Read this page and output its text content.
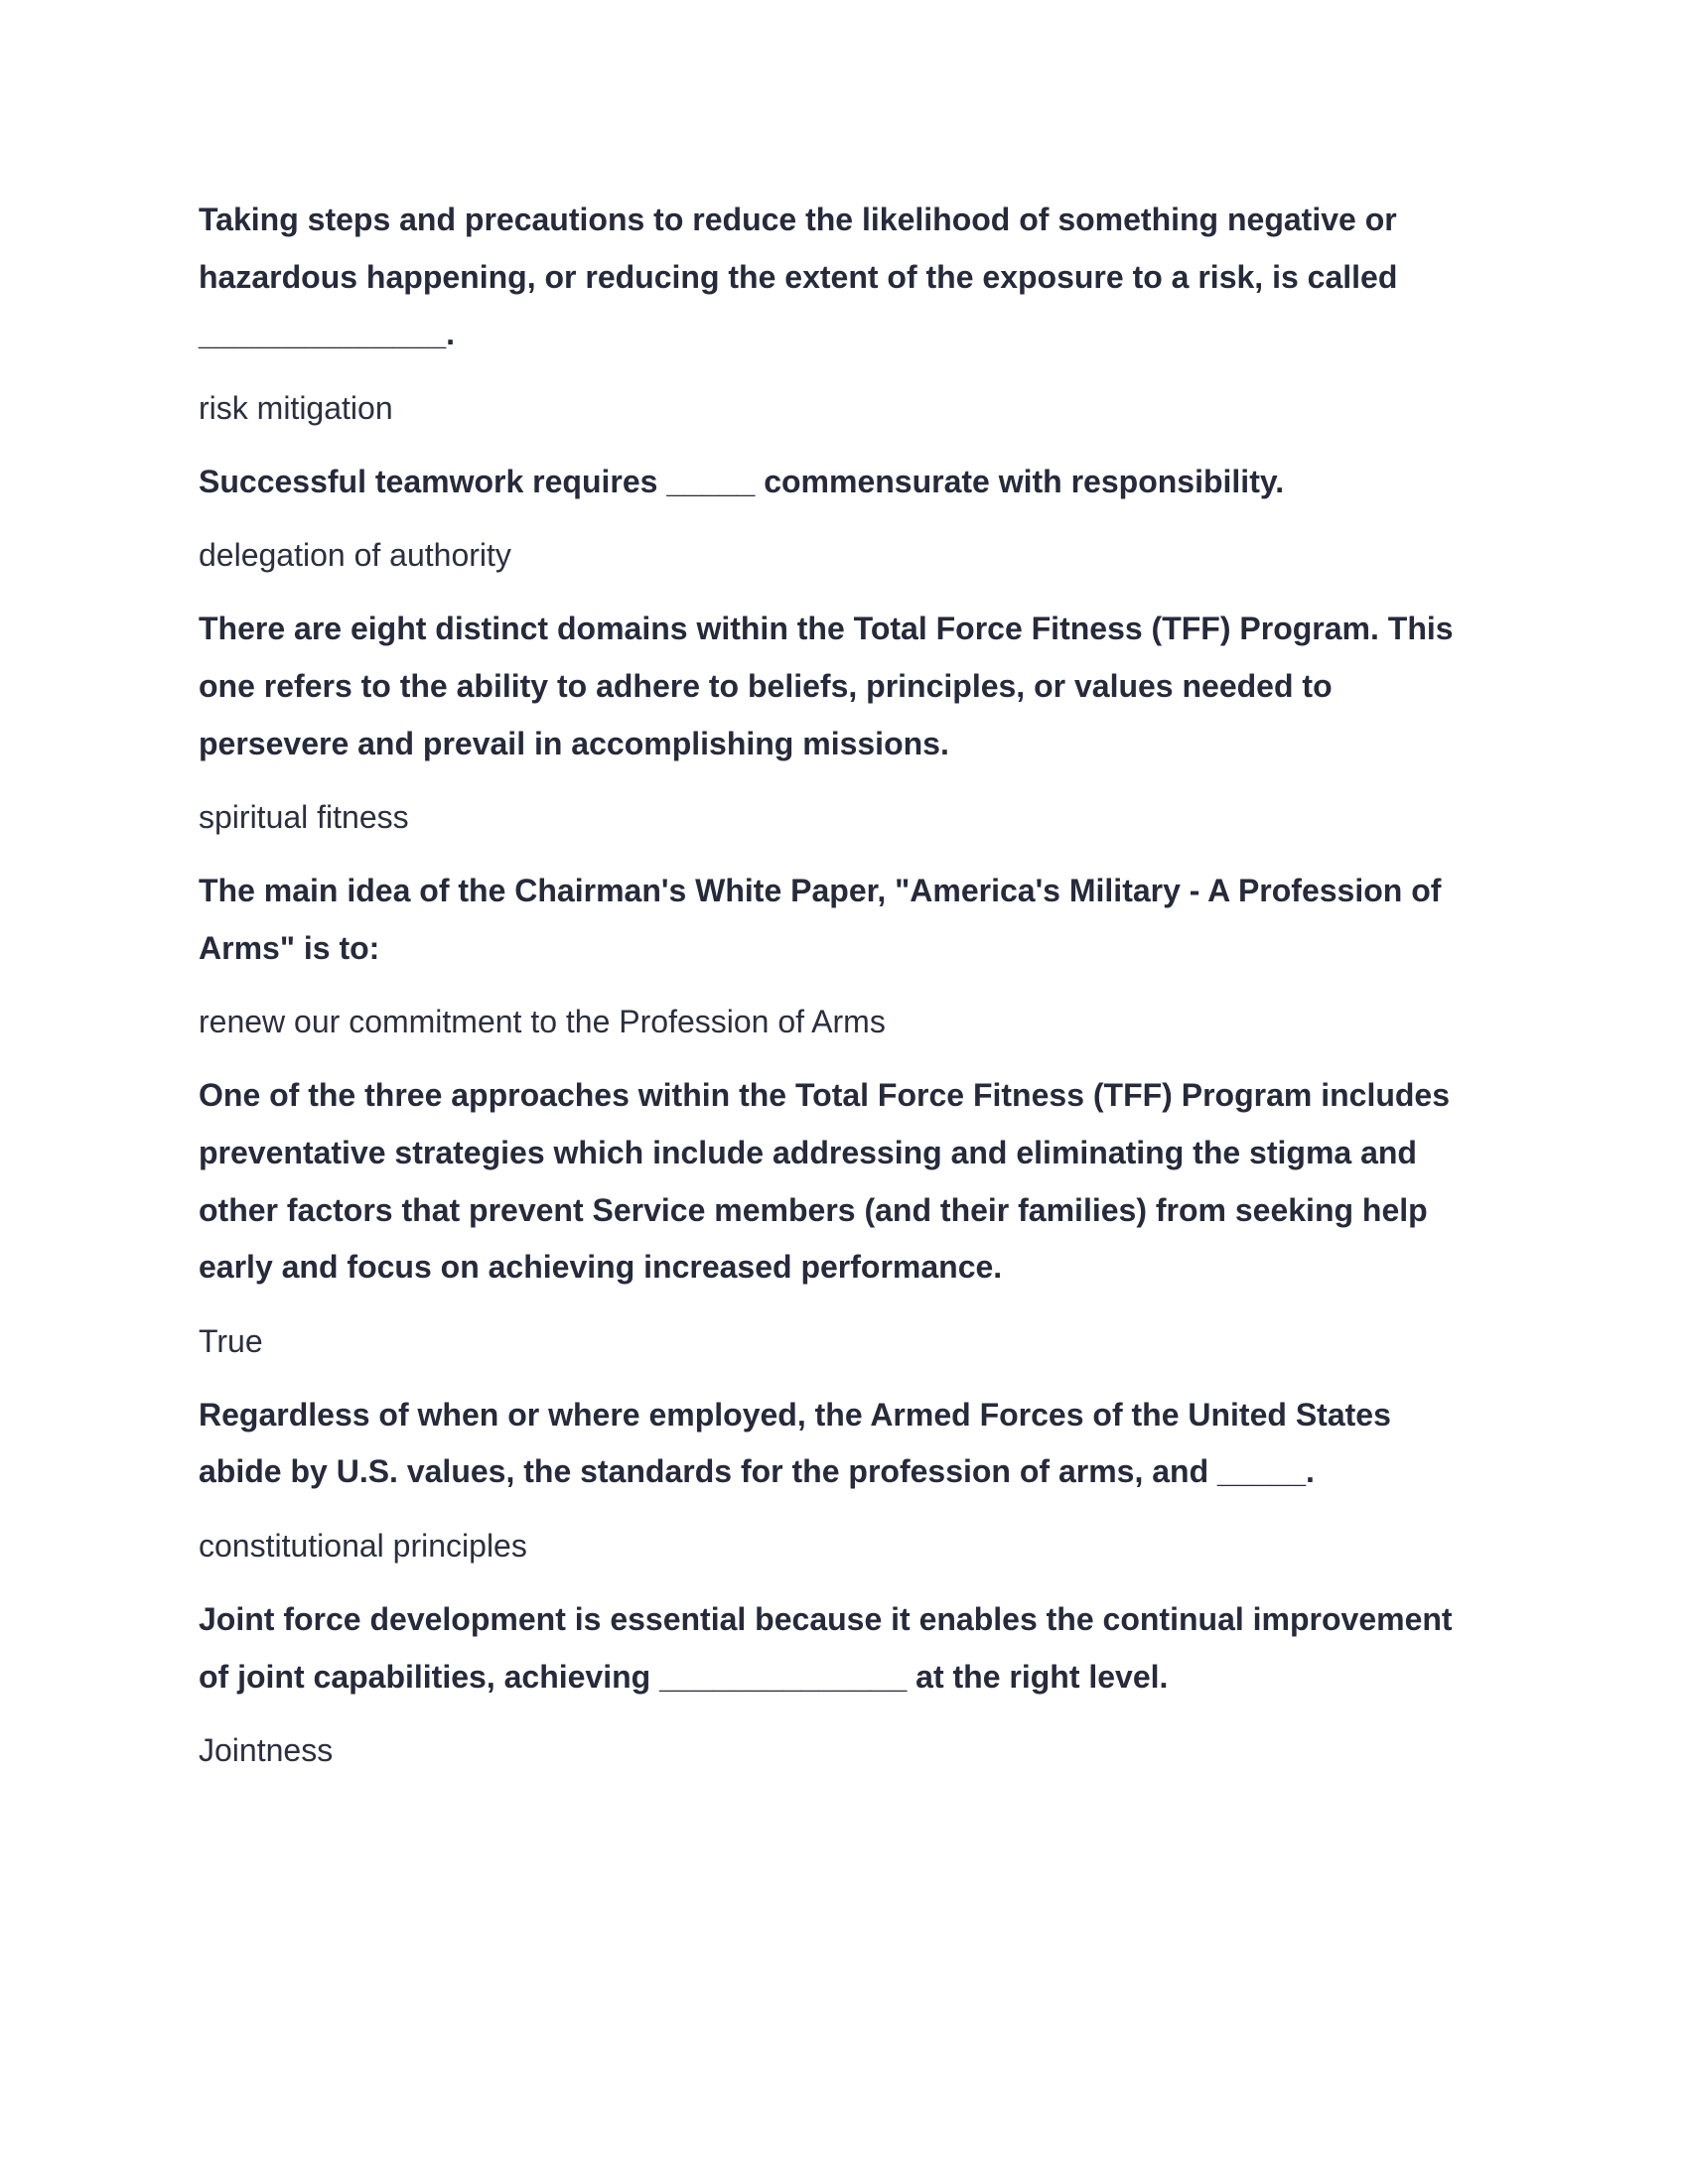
Taking steps and precautions to reduce the likelihood of something negative or hazardous happening, or reducing the extent of the exposure to a risk, is called ______________.

risk mitigation

Successful teamwork requires _____ commensurate with responsibility.

delegation of authority

There are eight distinct domains within the Total Force Fitness (TFF) Program. This one refers to the ability to adhere to beliefs, principles, or values needed to persevere and prevail in accomplishing missions.

spiritual fitness

The main idea of the Chairman's White Paper, "America's Military - A Profession of Arms" is to:

renew our commitment to the Profession of Arms

One of the three approaches within the Total Force Fitness (TFF) Program includes preventative strategies which include addressing and eliminating the stigma and other factors that prevent Service members (and their families) from seeking help early and focus on achieving increased performance.

True

Regardless of when or where employed, the Armed Forces of the United States abide by U.S. values, the standards for the profession of arms, and _____.

constitutional principles

Joint force development is essential because it enables the continual improvement of joint capabilities, achieving ______________ at the right level.

Jointness
